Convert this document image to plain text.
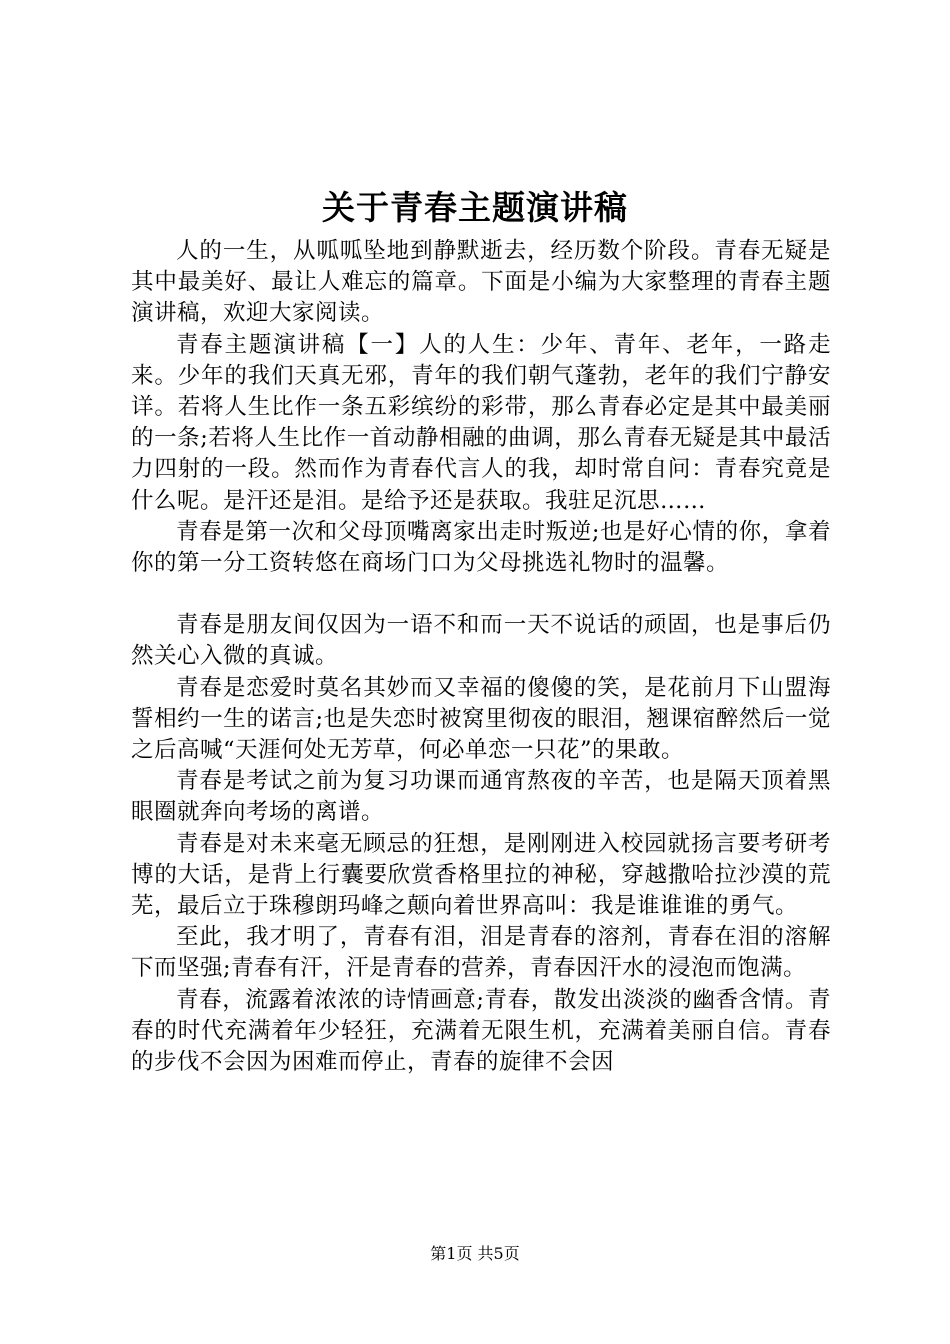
关于青春主题演讲稿

人的一生，从呱呱坠地到静默逝去，经历数个阶段。青春无疑是其中最美好、最让人难忘的篇章。下面是小编为大家整理的青春主题演讲稿，欢迎大家阅读。

青春主题演讲稿【一】人的人生：少年、青年、老年，一路走来。少年的我们天真无邪，青年的我们朝气蓬勃，老年的我们宁静安详。若将人生比作一条五彩缤纷的彩带，那么青春必定是其中最美丽的一条;若将人生比作一首动静相融的曲调，那么青春无疑是其中最活力四射的一段。然而作为青春代言人的我，却时常自问：青春究竟是什么呢。是汗还是泪。是给予还是获取。我驻足沉思……

青春是第一次和父母顶嘴离家出走时叛逆;也是好心情的你，拿着你的第一分工资转悠在商场门口为父母挑选礼物时的温馨。

青春是朋友间仅因为一语不和而一天不说话的顽固，也是事后仍然关心入微的真诚。

青春是恋爱时莫名其妙而又幸福的傻傻的笑，是花前月下山盟海誓相约一生的诺言;也是失恋时被窝里彻夜的眼泪，翘课宿醉然后一觉之后高喊“天涯何处无芳草，何必单恋一只花”的果敢。

青春是考试之前为复习功课而通宵熬夜的辛苦，也是隔天顶着黑眼圈就奔向考场的离谱。

青春是对未来毫无顾忌的狂想，是刚刚进入校园就扬言要考研考博的大话，是背上行囊要欣赏香格里拉的神秘，穿越撒哈拉沙漠的荒芜，最后立于珠穆朗玛峰之颠向着世界高叫：我是谁谁谁的勇气。

至此，我才明了，青春有泪，泪是青春的溶剂，青春在泪的溶解下而坚强;青春有汗，汗是青春的营养，青春因汗水的浸泡而饱满。

青春，流露着浓浓的诗情画意;青春，散发出淡淡的幽香含情。青春的时代充满着年少轻狂，充满着无限生机，充满着美丽自信。青春的步伐不会因为困难而停止，青春的旋律不会因

第1页 共5页
